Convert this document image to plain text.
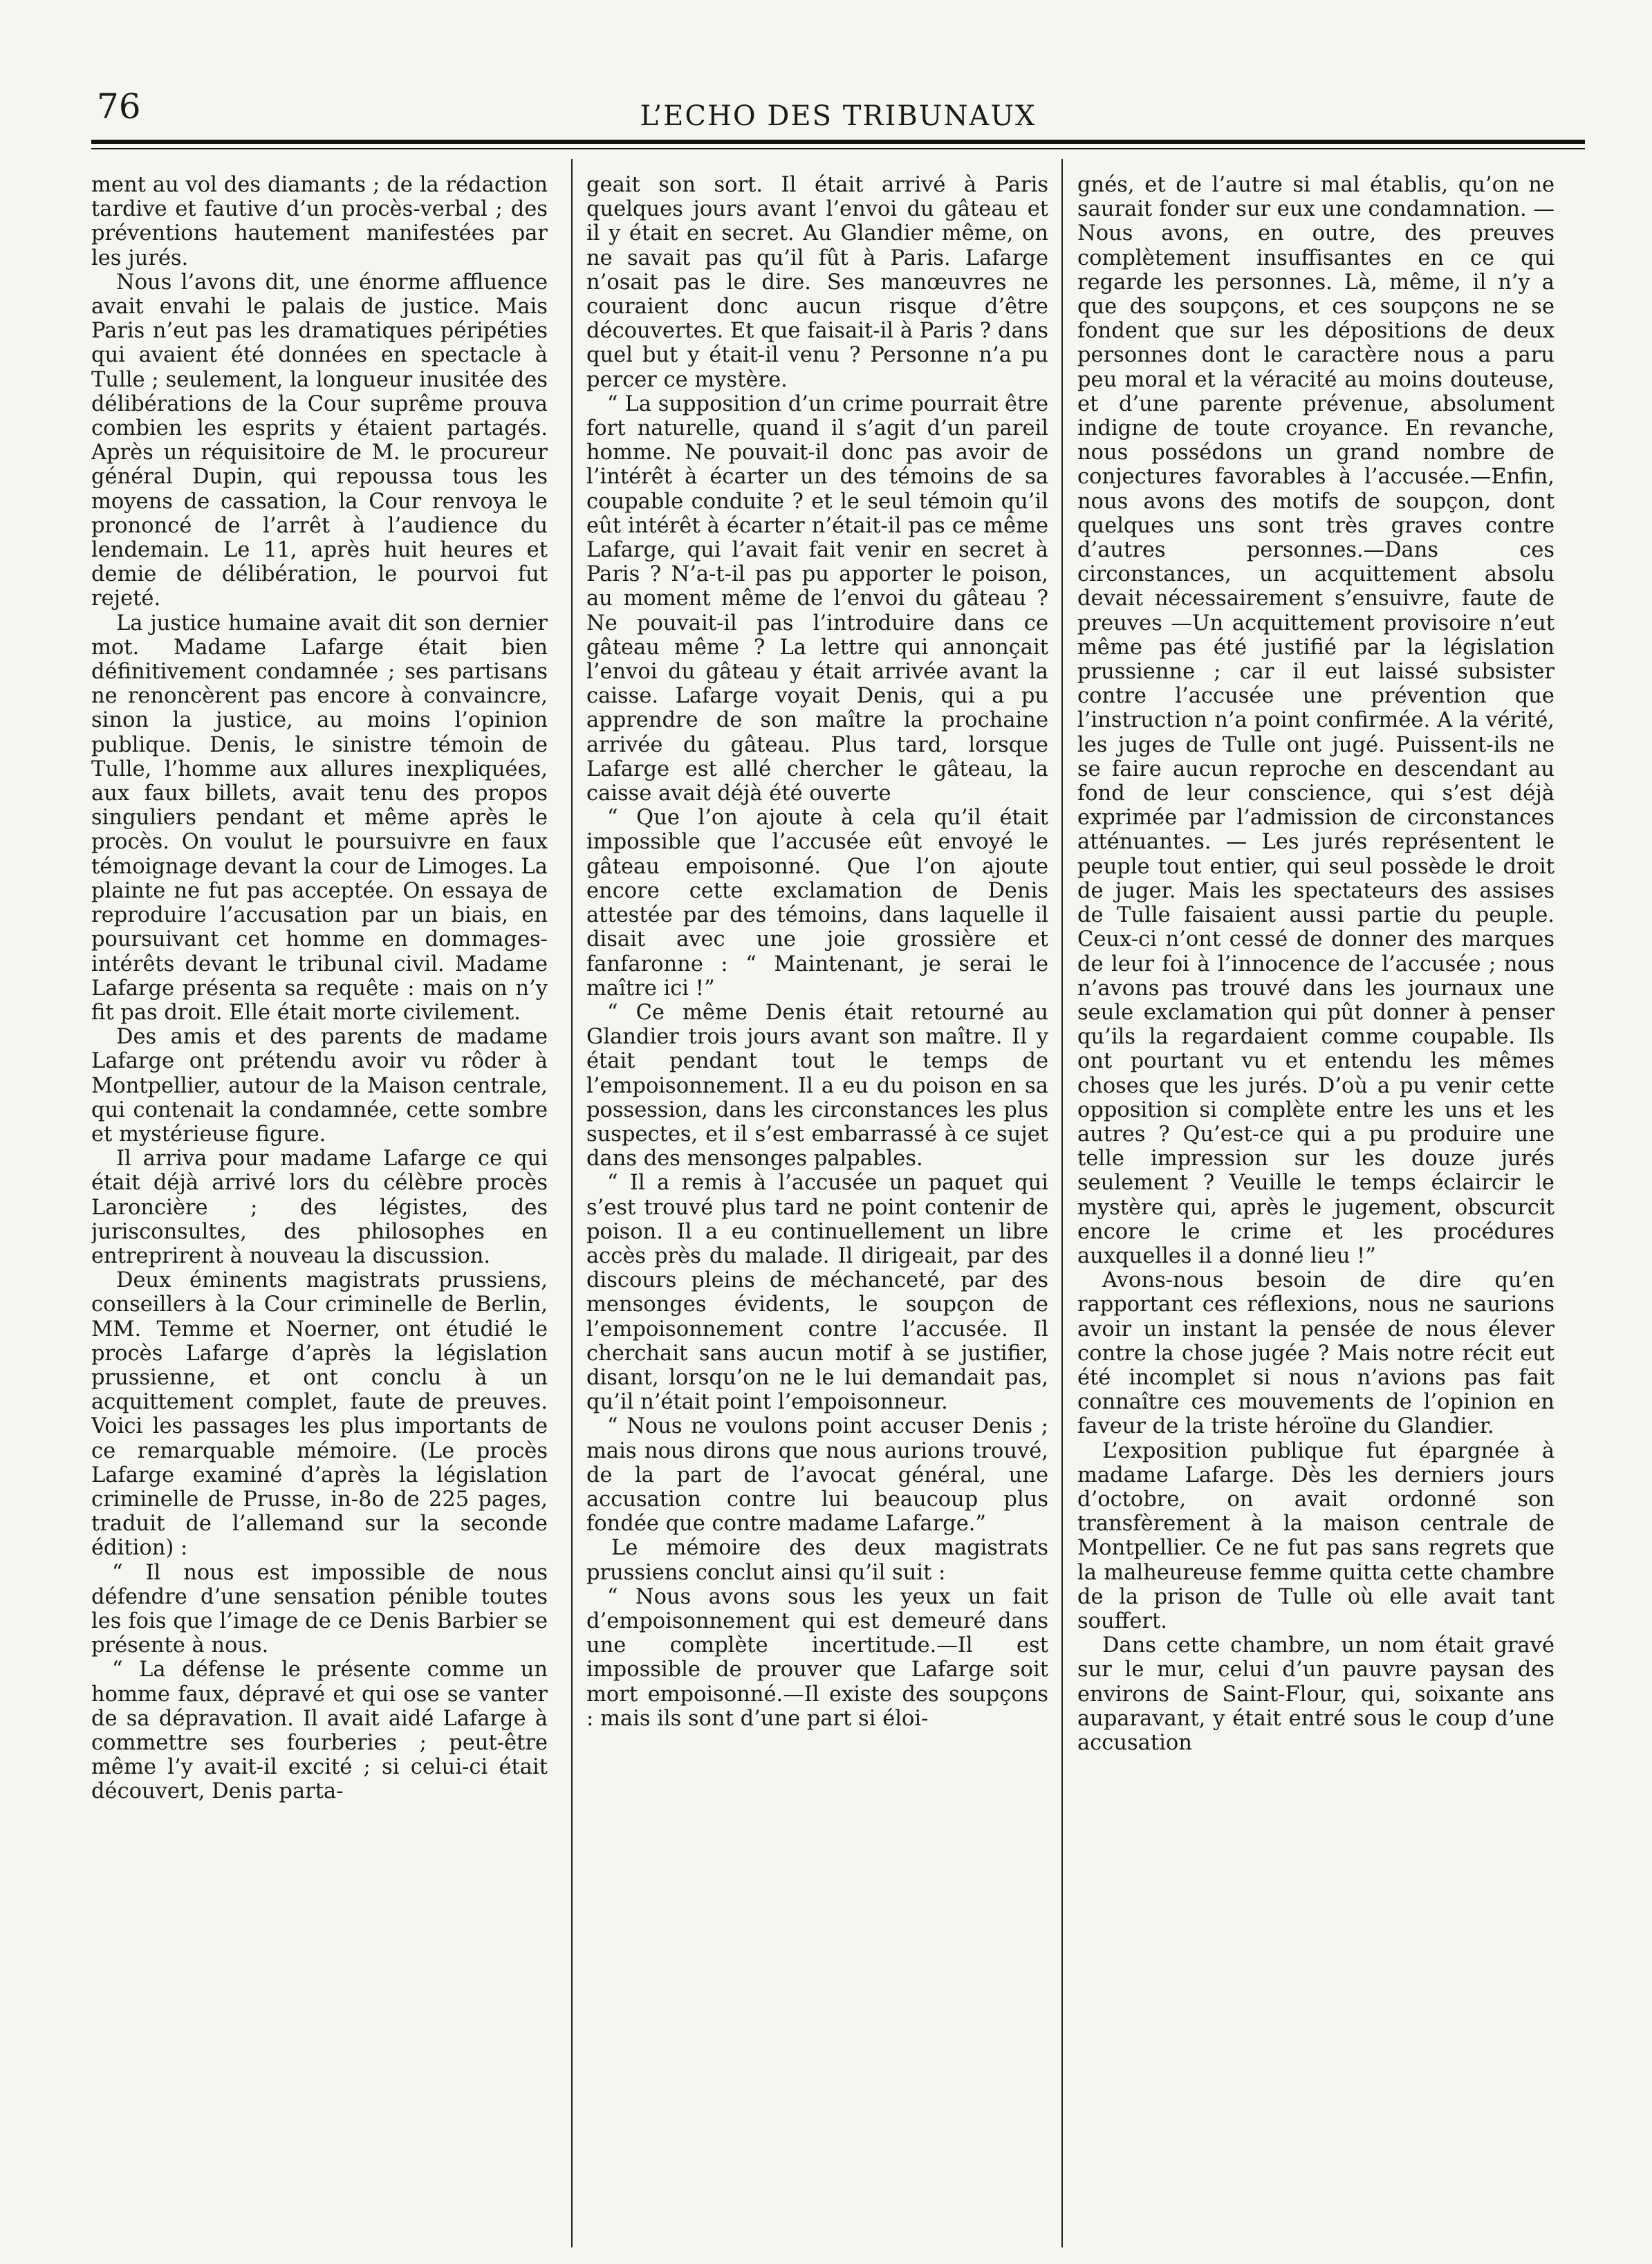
76	L’ECHO DES TRIBUNAUX

ment au vol des diamants ; de la rédaction tardive et fautive d’un procès-verbal ; des préventions hautement manifestées par les jurés.

Nous l’avons dit, une énorme affluence avait envahi le palais de justice. Mais Paris n’eut pas les dramatiques péripéties qui avaient été données en spectacle à Tulle ; seulement, la longueur inusitée des délibérations de la Cour suprême prouva combien les esprits y étaient partagés. Après un réquisitoire de M. le procureur général Dupin, qui repoussa tous les moyens de cassation, la Cour renvoya le prononcé de l’arrêt à l’audience du lendemain. Le 11, après huit heures et demie de délibération, le pourvoi fut rejeté.

La justice humaine avait dit son dernier mot. Madame Lafarge était bien définitivement condamnée ; ses partisans ne renoncèrent pas encore à convaincre, sinon la justice, au moins l’opinion publique. Denis, le sinistre témoin de Tulle, l’homme aux allures inexpliquées, aux faux billets, avait tenu des propos singuliers pendant et même après le procès. On voulut le poursuivre en faux témoignage devant la cour de Limoges. La plainte ne fut pas acceptée. On essaya de reproduire l’accusation par un biais, en poursuivant cet homme en dommages-intérêts devant le tribunal civil. Madame Lafarge présenta sa requête : mais on n’y fit pas droit. Elle était morte civilement.

Des amis et des parents de madame Lafarge ont prétendu avoir vu rôder à Montpellier, autour de la Maison centrale, qui contenait la condamnée, cette sombre et mystérieuse figure.

Il arriva pour madame Lafarge ce qui était déjà arrivé lors du célèbre procès Laroncière ; des légistes, des jurisconsultes, des philosophes en entreprirent à nouveau la discussion.

Deux éminents magistrats prussiens, conseillers à la Cour criminelle de Berlin, MM. Temme et Noerner, ont étudié le procès Lafarge d’après la législation prussienne, et ont conclu à un acquittement complet, faute de preuves. Voici les passages les plus importants de ce remarquable mémoire. (Le procès Lafarge examiné d’après la législation criminelle de Prusse, in-8o de 225 pages, traduit de l’allemand sur la seconde édition) :

“ Il nous est impossible de nous défendre d’une sensation pénible toutes les fois que l’image de ce Denis Barbier se présente à nous.

“ La défense le présente comme un homme faux, dépravé et qui ose se vanter de sa dépravation. Il avait aidé Lafarge à commettre ses fourberies ; peut-être même l’y avait-il excité ; si celui-ci était découvert, Denis parta-

geait son sort. Il était arrivé à Paris quelques jours avant l’envoi du gâteau et il y était en secret. Au Glandier même, on ne savait pas qu’il fût à Paris. Lafarge n’osait pas le dire. Ses manœuvres ne couraient donc aucun risque d’être découvertes. Et que faisait-il à Paris ? dans quel but y était-il venu ? Personne n’a pu percer ce mystère.

“ La supposition d’un crime pourrait être fort naturelle, quand il s’agit d’un pareil homme. Ne pouvait-il donc pas avoir de l’intérêt à écarter un des témoins de sa coupable conduite ? et le seul témoin qu’il eût intérêt à écarter n’était-il pas ce même Lafarge, qui l’avait fait venir en secret à Paris ? N’a-t-il pas pu apporter le poison, au moment même de l’envoi du gâteau ? Ne pouvait-il pas l’introduire dans ce gâteau même ? La lettre qui annonçait l’envoi du gâteau y était arrivée avant la caisse. Lafarge voyait Denis, qui a pu apprendre de son maître la prochaine arrivée du gâteau. Plus tard, lorsque Lafarge est allé chercher le gâteau, la caisse avait déjà été ouverte

“ Que l’on ajoute à cela qu’il était impossible que l’accusée eût envoyé le gâteau empoisonné. Que l’on ajoute encore cette exclamation de Denis attestée par des témoins, dans laquelle il disait avec une joie grossière et fanfaronne : “ Maintenant, je serai le maître ici !”

“ Ce même Denis était retourné au Glandier trois jours avant son maître. Il y était pendant tout le temps de l’empoisonnement. Il a eu du poison en sa possession, dans les circonstances les plus suspectes, et il s’est embarrassé à ce sujet dans des mensonges palpables.

“ Il a remis à l’accusée un paquet qui s’est trouvé plus tard ne point contenir de poison. Il a eu continuellement un libre accès près du malade. Il dirigeait, par des discours pleins de méchanceté, par des mensonges évidents, le soupçon de l’empoisonnement contre l’accusée. Il cherchait sans aucun motif à se justifier, disant, lorsqu’on ne le lui demandait pas, qu’il n’était point l’empoisonneur.

“ Nous ne voulons point accuser Denis ; mais nous dirons que nous aurions trouvé, de la part de l’avocat général, une accusation contre lui beaucoup plus fondée que contre madame Lafarge.”

Le mémoire des deux magistrats prussiens conclut ainsi qu’il suit :

“ Nous avons sous les yeux un fait d’empoisonnement qui est demeuré dans une complète incertitude.—Il est impossible de prouver que Lafarge soit mort empoisonné.—Il existe des soupçons : mais ils sont d’une part si éloi-

gnés, et de l’autre si mal établis, qu’on ne saurait fonder sur eux une condamnation. — Nous avons, en outre, des preuves complètement insuffisantes en ce qui regarde les personnes. Là, même, il n’y a que des soupçons, et ces soupçons ne se fondent que sur les dépositions de deux personnes dont le caractère nous a paru peu moral et la véracité au moins douteuse, et d’une parente prévenue, absolument indigne de toute croyance. En revanche, nous possédons un grand nombre de conjectures favorables à l’accusée.—Enfin, nous avons des motifs de soupçon, dont quelques uns sont très graves contre d’autres personnes.—Dans ces circonstances, un acquittement absolu devait nécessairement s’ensuivre, faute de preuves —Un acquittement provisoire n’eut même pas été justifié par la législation prussienne ; car il eut laissé subsister contre l’accusée une prévention que l’instruction n’a point confirmée. A la vérité, les juges de Tulle ont jugé. Puissent-ils ne se faire aucun reproche en descendant au fond de leur conscience, qui s’est déjà exprimée par l’admission de circonstances atténuantes. — Les jurés représentent le peuple tout entier, qui seul possède le droit de juger. Mais les spectateurs des assises de Tulle faisaient aussi partie du peuple. Ceux-ci n’ont cessé de donner des marques de leur foi à l’innocence de l’accusée ; nous n’avons pas trouvé dans les journaux une seule exclamation qui pût donner à penser qu’ils la regardaient comme coupable. Ils ont pourtant vu et entendu les mêmes choses que les jurés. D’où a pu venir cette opposition si complète entre les uns et les autres ? Qu’est-ce qui a pu produire une telle impression sur les douze jurés seulement ? Veuille le temps éclaircir le mystère qui, après le jugement, obscurcit encore le crime et les procédures auxquelles il a donné lieu !”

Avons-nous besoin de dire qu’en rapportant ces réflexions, nous ne saurions avoir un instant la pensée de nous élever contre la chose jugée ? Mais notre récit eut été incomplet si nous n’avions pas fait connaître ces mouvements de l’opinion en faveur de la triste héroïne du Glandier.

L’exposition publique fut épargnée à madame Lafarge. Dès les derniers jours d’octobre, on avait ordonné son transfèrement à la maison centrale de Montpellier. Ce ne fut pas sans regrets que la malheureuse femme quitta cette chambre de la prison de Tulle où elle avait tant souffert.

Dans cette chambre, un nom était gravé sur le mur, celui d’un pauvre paysan des environs de Saint-Flour, qui, soixante ans auparavant, y était entré sous le coup d’une accusation
